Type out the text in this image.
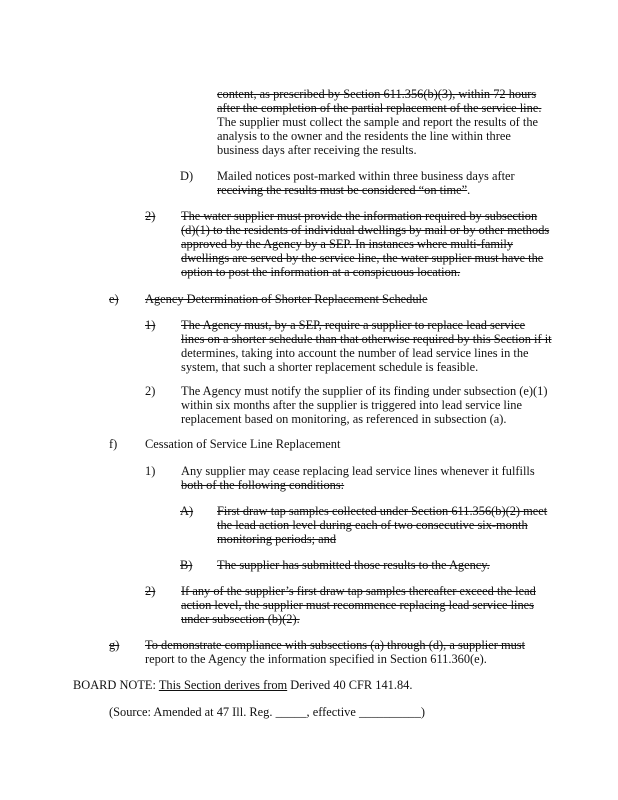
content, as prescribed by Section 611.356(b)(3), within 72 hours
after the completion of the partial replacement of the service line.
The supplier must collect the sample and report the results of the
analysis to the owner and the residents the line within three
business days after receiving the results.
D) Mailed notices post-marked within three business days after
receiving the results must be considered “on time”.
2) The water supplier must provide the information required by subsection
(d)(1) to the residents of individual dwellings by mail or by other methods
approved by the Agency by a SEP. In instances where multi-family
dwellings are served by the service line, the water supplier must have the
option to post the information at a conspicuous location.
e) Agency Determination of Shorter Replacement Schedule
1) The Agency must, by a SEP, require a supplier to replace lead service
lines on a shorter schedule than that otherwise required by this Section if it
determines, taking into account the number of lead service lines in the
system, that such a shorter replacement schedule is feasible.
2) The Agency must notify the supplier of its finding under subsection (e)(1)
within six months after the supplier is triggered into lead service line
replacement based on monitoring, as referenced in subsection (a).
f) Cessation of Service Line Replacement
1) Any supplier may cease replacing lead service lines whenever it fulfills
both of the following conditions:
A) First draw tap samples collected under Section 611.356(b)(2) meet
the lead action level during each of two consecutive six-month
monitoring periods; and
B) The supplier has submitted those results to the Agency.
2) If any of the supplier’s first draw tap samples thereafter exceed the lead
action level, the supplier must recommence replacing lead service lines
under subsection (b)(2).
g) To demonstrate compliance with subsections (a) through (d), a supplier must
report to the Agency the information specified in Section 611.360(e).
BOARD NOTE: This Section derives from Derived 40 CFR 141.84.
(Source: Amended at 47 Ill. Reg. _____, effective __________)
